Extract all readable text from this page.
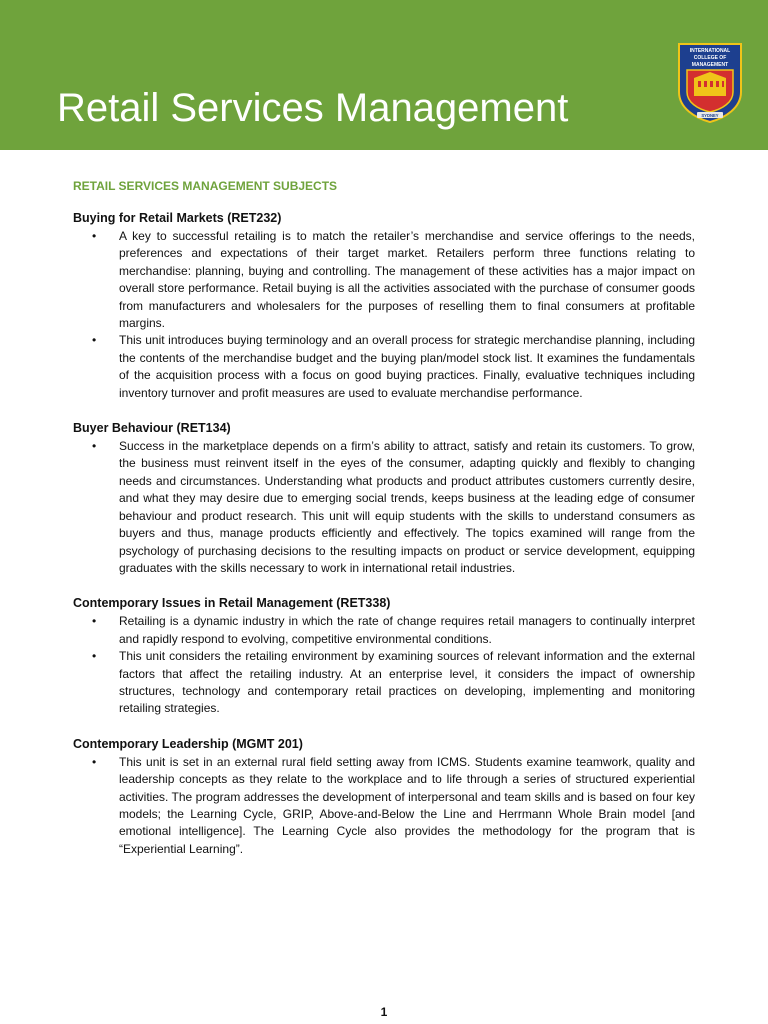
Retail Services Management
INTERNATIONAL
COLLEGE OF
MANAGEMENT
SYDNEY
RETAIL SERVICES MANAGEMENT SUBJECTS
Buying for Retail Markets (RET232)
• A key to successful retailing is to match the retailer’s merchandise and service offerings to the needs, preferences and expectations of their target market. Retailers perform three functions relating to merchandise: planning, buying and controlling. The management of these activities has a major impact on overall store performance. Retail buying is all the activities associated with the purchase of consumer goods from manufacturers and wholesalers for the purposes of reselling them to final consumers at profitable margins.
• This unit introduces buying terminology and an overall process for strategic merchandise planning, including the contents of the merchandise budget and the buying plan/model stock list. It examines the fundamentals of the acquisition process with a focus on good buying practices. Finally, evaluative techniques including inventory turnover and profit measures are used to evaluate merchandise performance.
Buyer Behaviour (RET134)
• Success in the marketplace depends on a firm’s ability to attract, satisfy and retain its customers. To grow, the business must reinvent itself in the eyes of the consumer, adapting quickly and flexibly to changing needs and circumstances. Understanding what products and product attributes customers currently desire, and what they may desire due to emerging social trends, keeps business at the leading edge of consumer behaviour and product research. This unit will equip students with the skills to understand consumers as buyers and thus, manage products efficiently and effectively. The topics examined will range from the psychology of purchasing decisions to the resulting impacts on product or service development, equipping graduates with the skills necessary to work in international retail industries.
Contemporary Issues in Retail Management (RET338)
• Retailing is a dynamic industry in which the rate of change requires retail managers to continually interpret and rapidly respond to evolving, competitive environmental conditions.
• This unit considers the retailing environment by examining sources of relevant information and the external factors that affect the retailing industry. At an enterprise level, it considers the impact of ownership structures, technology and contemporary retail practices on developing, implementing and monitoring retailing strategies.
Contemporary Leadership (MGMT 201)
• This unit is set in an external rural field setting away from ICMS. Students examine teamwork, quality and leadership concepts as they relate to the workplace and to life through a series of structured experiential activities. The program addresses the development of interpersonal and team skills and is based on four key models; the Learning Cycle, GRIP, Above-and-Below the Line and Herrmann Whole Brain model [and emotional intelligence]. The Learning Cycle also provides the methodology for the program that is “Experiential Learning”.
1
